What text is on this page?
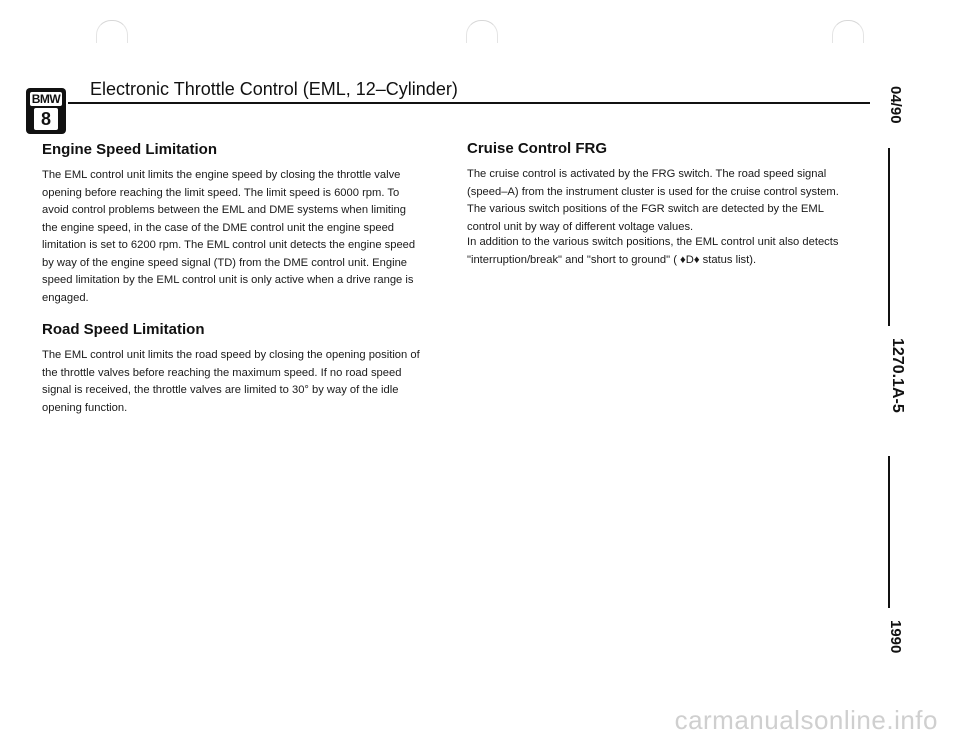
BMW
8
Electronic Throttle Control (EML, 12–Cylinder)
Engine Speed Limitation
The EML control unit limits the engine speed by closing the throttle valve opening before reaching the limit speed. The limit speed is 6000 rpm. To avoid control problems between the EML and DME systems when limiting the engine speed, in the case of the DME control unit the engine speed limitation is set to 6200 rpm. The EML control unit detects the engine speed by way of the engine speed signal (TD) from the DME control unit. Engine speed limitation by the EML control unit is only active when a drive range is engaged.
Road Speed Limitation
The EML control unit limits the road speed by closing the opening position of the throttle valves before reaching the maximum speed. If no road speed signal is received, the throttle valves are limited to 30° by way of the idle opening function.
Cruise Control FRG
The cruise control is activated by the FRG switch. The road speed signal (speed–A) from the instrument cluster is used for the cruise control system. The various switch positions of the FGR switch are detected by the EML control unit by way of different voltage values.
In addition to the various switch positions, the EML control unit also detects "interruption/break" and "short to ground" ( ♦D♦ status list).
04/90
1270.1A-5
1990
carmanualsonline.info
